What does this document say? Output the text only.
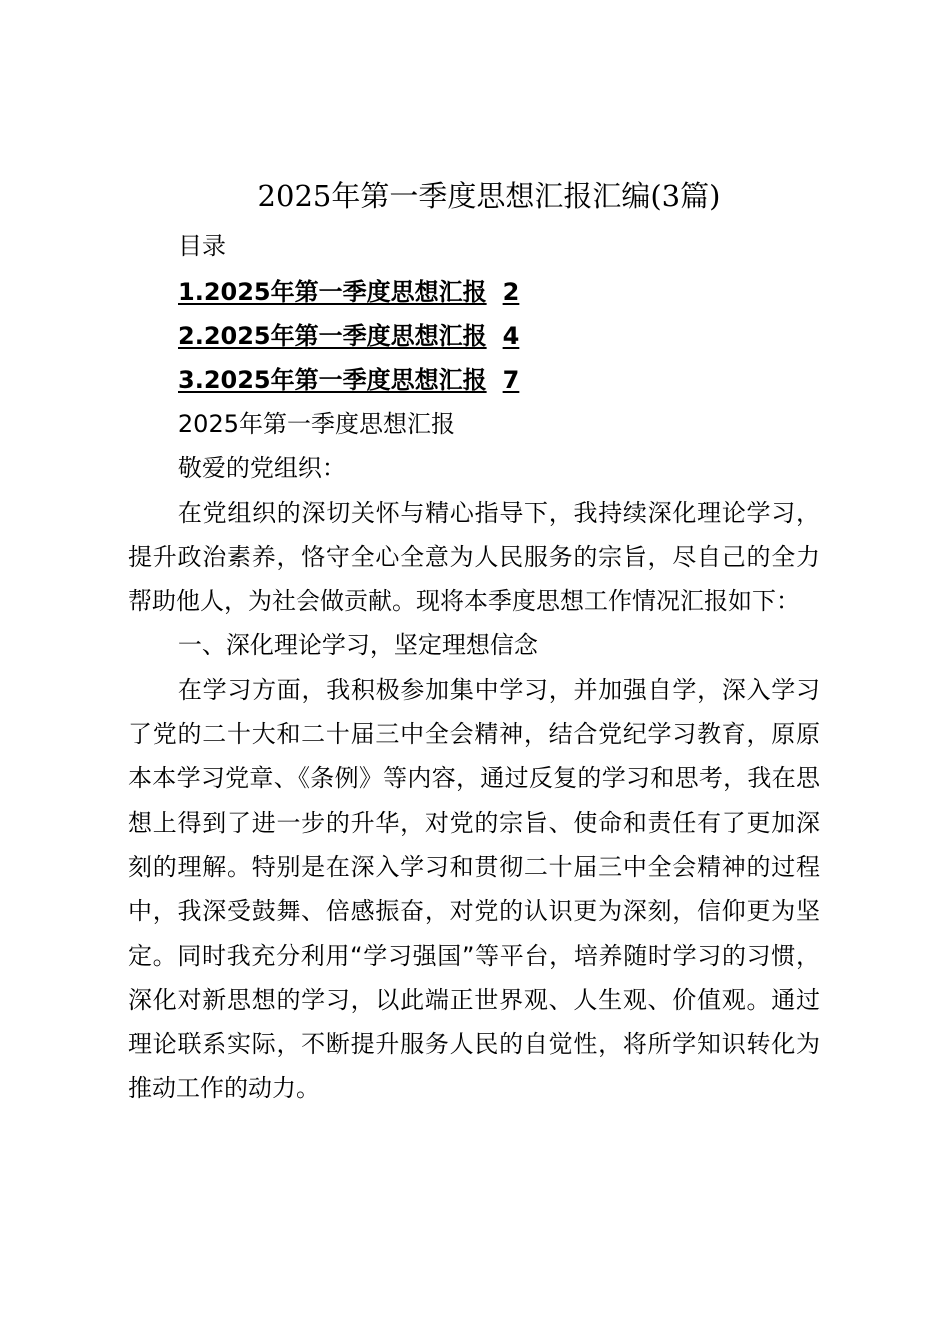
2025年第一季度思想汇报汇编(3篇)
目录
1.2025年第一季度思想汇报 2
2.2025年第一季度思想汇报 4
3.2025年第一季度思想汇报 7

2025年第一季度思想汇报

敬爱的党组织：

在党组织的深切关怀与精心指导下，我持续深化理论学习，提升政治素养，恪守全心全意为人民服务的宗旨，尽自己的全力帮助他人，为社会做贡献。现将本季度思想工作情况汇报如下：

一、深化理论学习，坚定理想信念

在学习方面，我积极参加集中学习，并加强自学，深入学习了党的二十大和二十届三中全会精神，结合党纪学习教育，原原本本学习党章、《条例》等内容，通过反复的学习和思考，我在思想上得到了进一步的升华，对党的宗旨、使命和责任有了更加深刻的理解。特别是在深入学习和贯彻二十届三中全会精神的过程中，我深受鼓舞、倍感振奋，对党的认识更为深刻，信仰更为坚定。同时我充分利用“学习强国”等平台，培养随时学习的习惯，深化对新思想的学习，以此端正世界观、人生观、价值观。通过理论联系实际，不断提升服务人民的自觉性，将所学知识转化为推动工作的动力。
